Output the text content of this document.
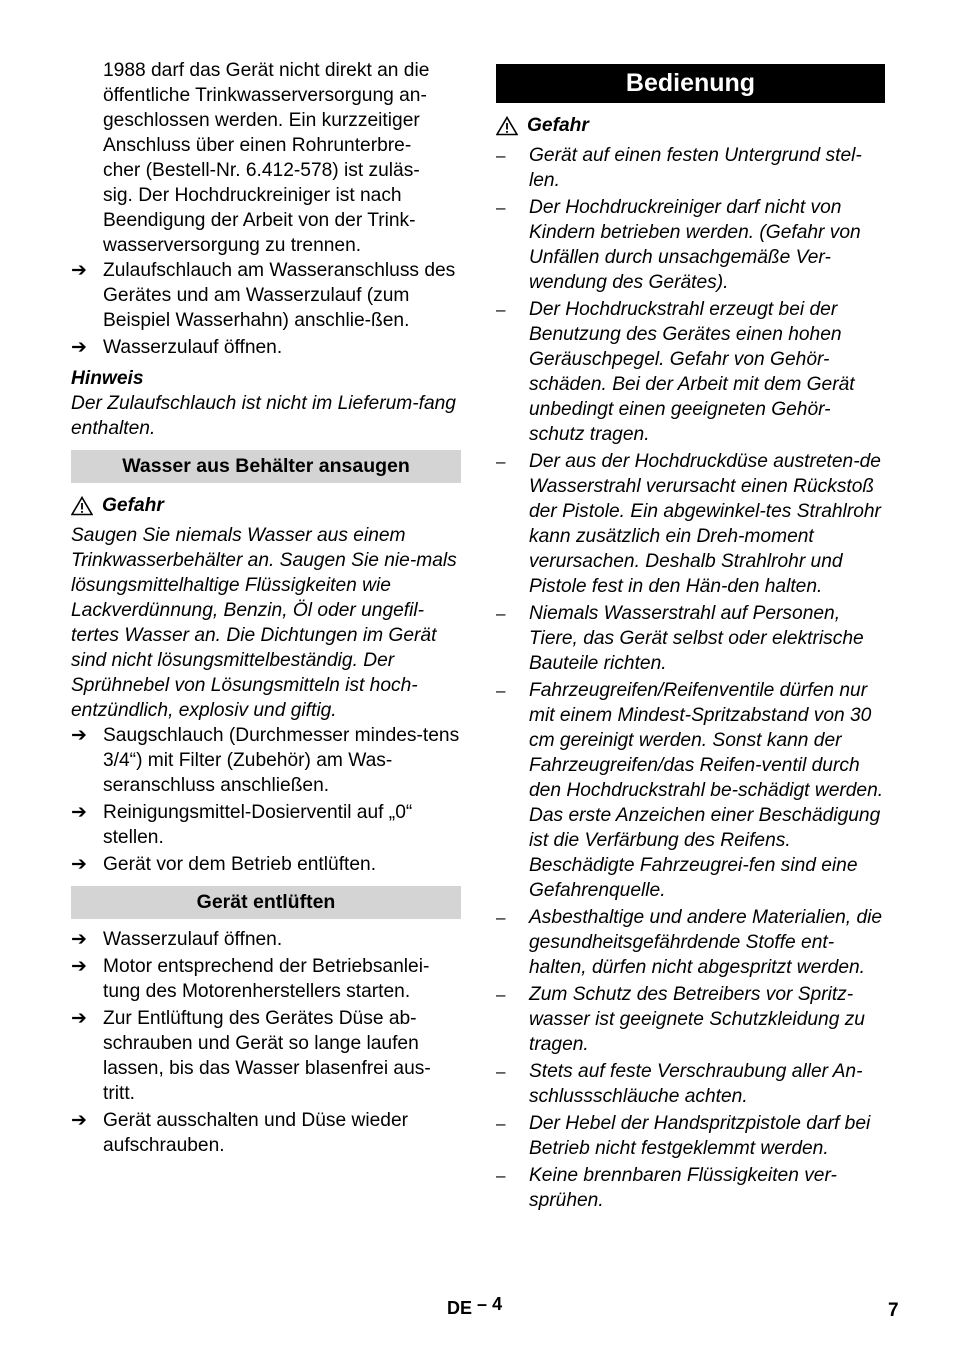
1988 darf das Gerät nicht direkt an die

öffentliche Trinkwasserversorgung an-

geschlossen werden. Ein kurzzeitiger

Anschluss über einen Rohrunterbre-

cher (Bestell-Nr. 6.412-578) ist zuläs-

sig. Der Hochdruckreiniger ist nach

Beendigung der Arbeit von der Trink-

wasserversorgung zu trennen.

➔ Zulaufschlauch am Wasseranschluss des Gerätes und am Wasserzulauf (zum Beispiel Wasserhahn) anschlie-ßen.
➔ Wasserzulauf öffnen.

Hinweis

Der Zulaufschlauch ist nicht im Lieferum-fang enthalten.

Wasser aus Behälter ansaugen
Gefahr

Saugen Sie niemals Wasser aus einem Trinkwasserbehälter an. Saugen Sie nie-mals lösungsmittelhaltige Flüssigkeiten wie Lackverdünnung, Benzin, Öl oder ungefil-tertes Wasser an. Die Dichtungen im Gerät sind nicht lösungsmittelbeständig. Der Sprühnebel von Lösungsmitteln ist hoch-entzündlich, explosiv und giftig.

➔ Saugschlauch (Durchmesser mindes-tens 3/4“) mit Filter (Zubehör) am Was-seranschluss anschließen.
➔ Reinigungsmittel-Dosierventil auf „0“ stellen.
➔ Gerät vor dem Betrieb entlüften.
Gerät entlüften
➔ Wasserzulauf öffnen.
➔ Motor entsprechend der Betriebsanlei-tung des Motorenherstellers starten.
➔ Zur Entlüftung des Gerätes Düse ab-schrauben und Gerät so lange laufen lassen, bis das Wasser blasenfrei aus-tritt.
➔ Gerät ausschalten und Düse wieder aufschrauben.
Bedienung
Gefahr
– Gerät auf einen festen Untergrund stel-len.
– Der Hochdruckreiniger darf nicht von Kindern betrieben werden. (Gefahr von Unfällen durch unsachgemäße Ver-wendung des Gerätes).
– Der Hochdruckstrahl erzeugt bei der Benutzung des Gerätes einen hohen Geräuschpegel. Gefahr von Gehör-schäden. Bei der Arbeit mit dem Gerät unbedingt einen geeigneten Gehör-schutz tragen.
– Der aus der Hochdruckdüse austreten-de Wasserstrahl verursacht einen Rückstoß der Pistole. Ein abgewinkel-tes Strahlrohr kann zusätzlich ein Dreh-moment verursachen. Deshalb Strahlrohr und Pistole fest in den Hän-den halten.
– Niemals Wasserstrahl auf Personen, Tiere, das Gerät selbst oder elektrische Bauteile richten.
– Fahrzeugreifen/Reifenventile dürfen nur mit einem Mindest-Spritzabstand von 30 cm gereinigt werden. Sonst kann der Fahrzeugreifen/das Reifen-ventil durch den Hochdruckstrahl be-schädigt werden. Das erste Anzeichen einer Beschädigung ist die Verfärbung des Reifens. Beschädigte Fahrzeugrei-fen sind eine Gefahrenquelle.
– Asbesthaltige und andere Materialien, die gesundheitsgefährdende Stoffe ent-halten, dürfen nicht abgespritzt werden.
– Zum Schutz des Betreibers vor Spritz-wasser ist geeignete Schutzkleidung zu tragen.
– Stets auf feste Verschraubung aller An-schlussschläuche achten.
– Der Hebel der Handspritzpistole darf bei Betrieb nicht festgeklemmt werden.
– Keine brennbaren Flüssigkeiten ver-sprühen.
DE – 4	7
